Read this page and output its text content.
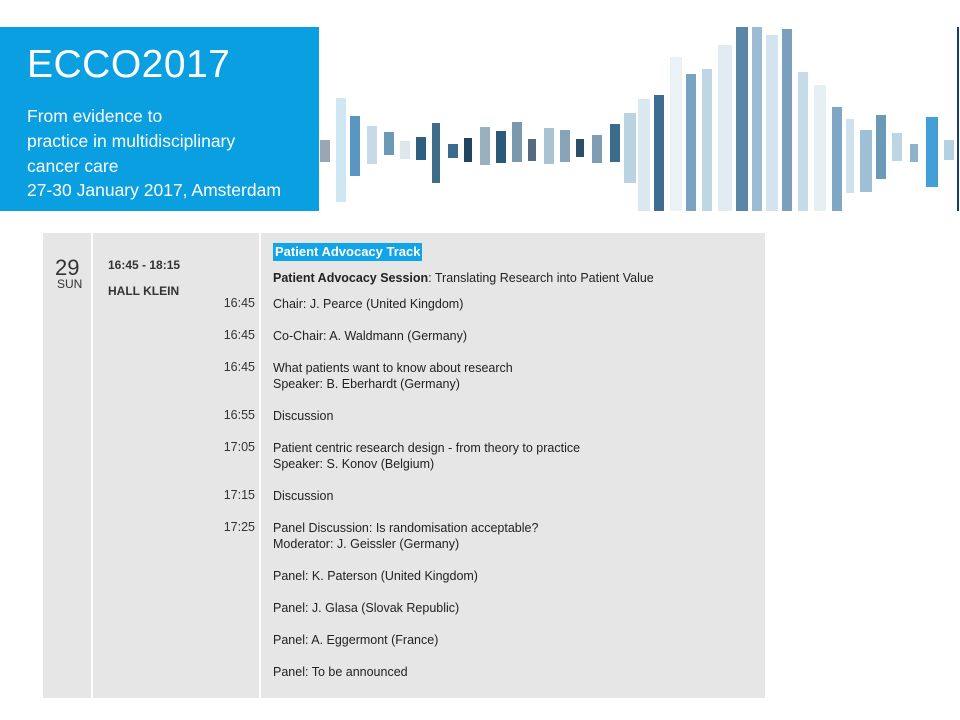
ECCO2017
From evidence to
practice in multidisciplinary
cancer care
27-30 January 2017, Amsterdam
29
SUN
16:45 - 18:15
HALL KLEIN
Patient Advocacy Track
Patient Advocacy Session: Translating Research into Patient Value
16:45 Chair: J. Pearce (United Kingdom)
16:45 Co-Chair: A. Waldmann (Germany)
16:45 What patients want to know about research
Speaker: B. Eberhardt (Germany)
16:55 Discussion
17:05 Patient centric research design - from theory to practice
Speaker: S. Konov (Belgium)
17:15 Discussion
17:25 Panel Discussion: Is randomisation acceptable?
Moderator: J. Geissler (Germany)
Panel: K. Paterson (United Kingdom)
Panel: J. Glasa (Slovak Republic)
Panel: A. Eggermont (France)
Panel: To be announced
